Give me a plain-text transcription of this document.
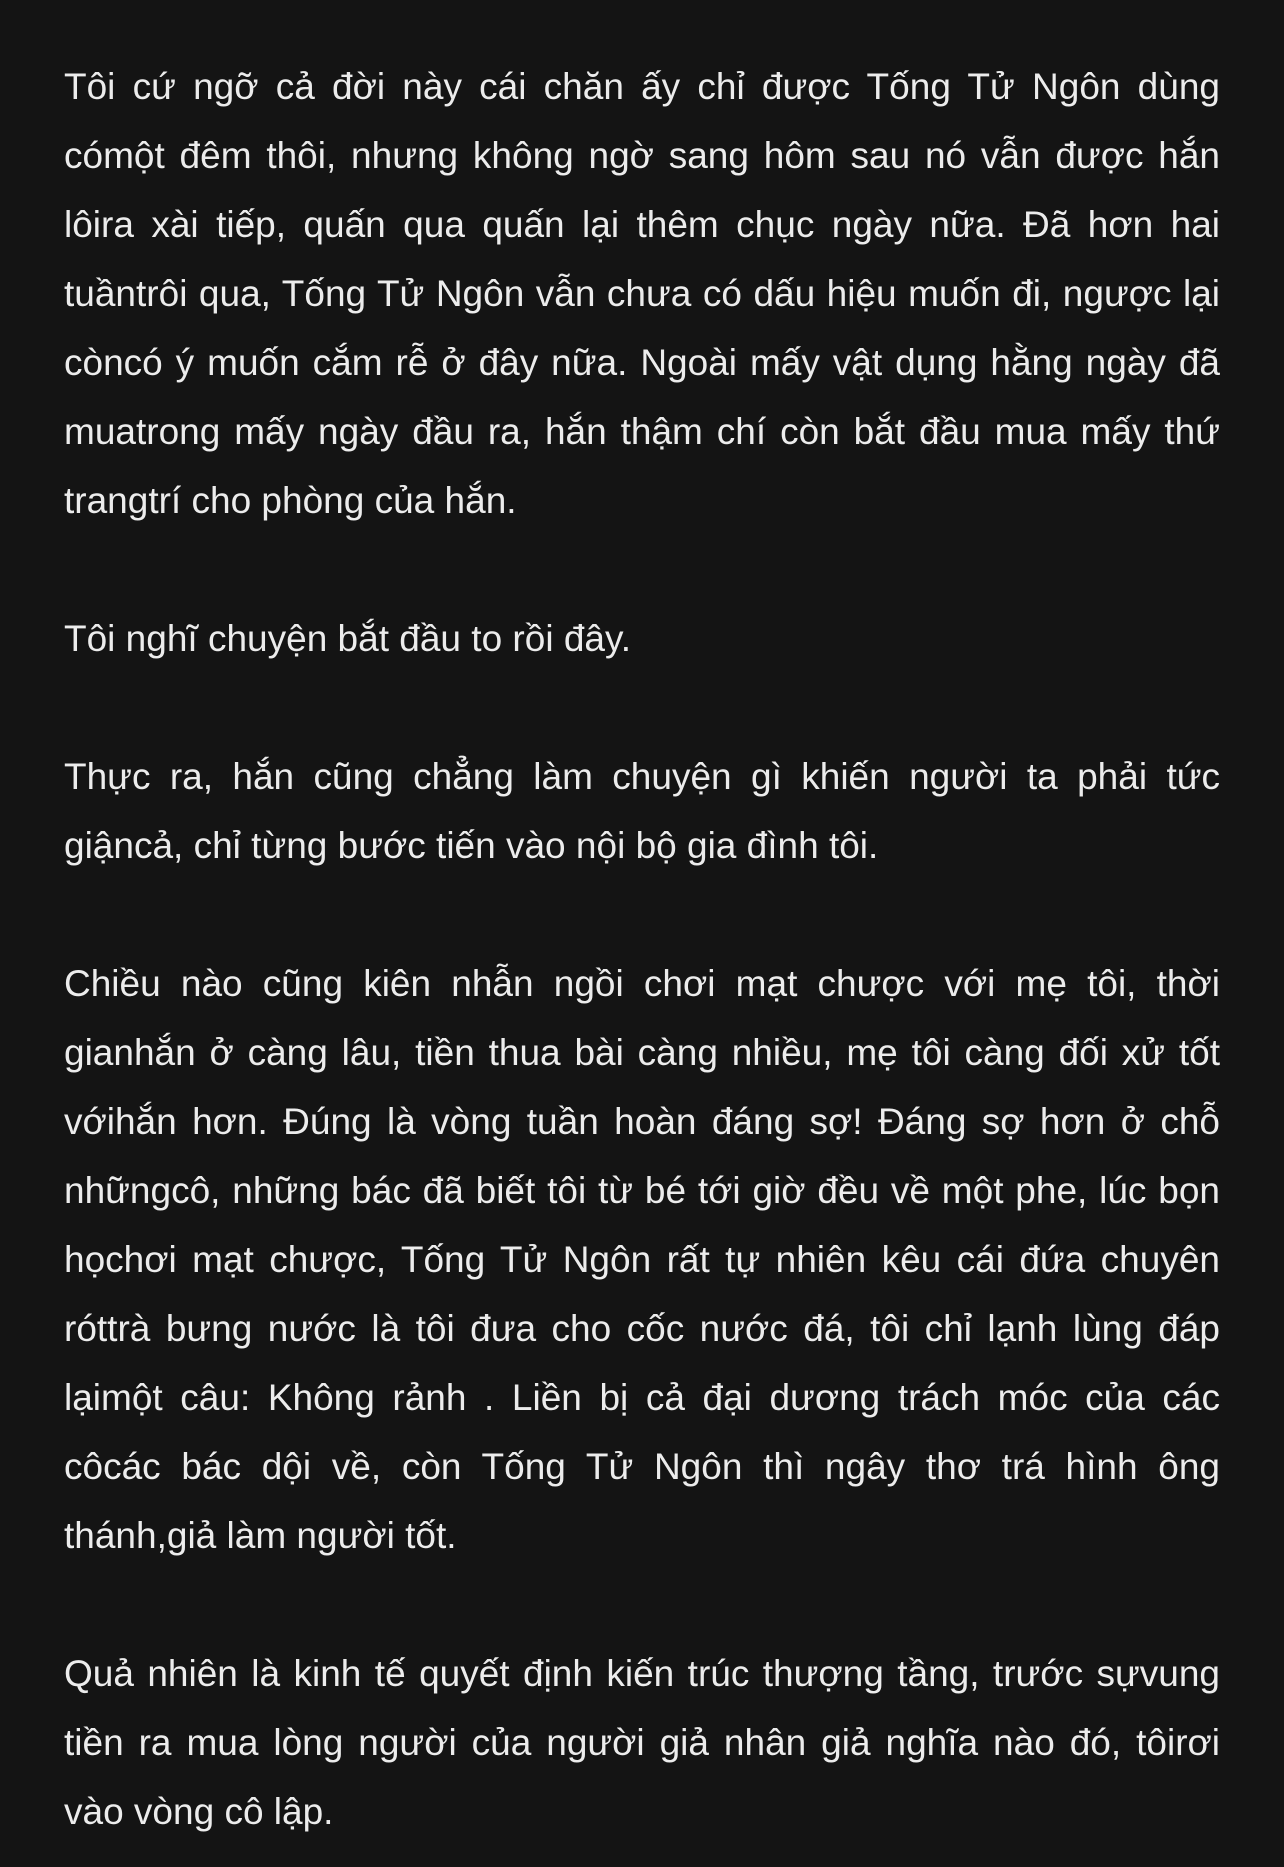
Tôi cứ ngỡ cả đời này cái chăn ấy chỉ được Tống Tử Ngôn dùng cómột đêm thôi, nhưng không ngờ sang hôm sau nó vẫn được hắn lôira xài tiếp, quấn qua quấn lại thêm chục ngày nữa. Đã hơn hai tuầntrôi qua, Tống Tử Ngôn vẫn chưa có dấu hiệu muốn đi, ngược lại còncó ý muốn cắm rễ ở đây nữa. Ngoài mấy vật dụng hằng ngày đã muatrong mấy ngày đầu ra, hắn thậm chí còn bắt đầu mua mấy thứ trangtrí cho phòng của hắn.

Tôi nghĩ chuyện bắt đầu to rồi đây.

Thực ra, hắn cũng chẳng làm chuyện gì khiến người ta phải tức giậncả, chỉ từng bước tiến vào nội bộ gia đình tôi.

Chiều nào cũng kiên nhẫn ngồi chơi mạt chược với mẹ tôi, thời gianhắn ở càng lâu, tiền thua bài càng nhiều, mẹ tôi càng đối xử tốt vớihắn hơn. Đúng là vòng tuần hoàn đáng sợ! Đáng sợ hơn ở chỗ nhữngcô, những bác đã biết tôi từ bé tới giờ đều về một phe, lúc bọn họchơi mạt chược, Tống Tử Ngôn rất tự nhiên kêu cái đứa chuyên róttrà bưng nước là tôi đưa cho cốc nước đá, tôi chỉ lạnh lùng đáp lạimột câu: Không rảnh . Liền bị cả đại dương trách móc của các côcác bác dội về, còn Tống Tử Ngôn thì ngây thơ trá hình ông thánh,giả làm người tốt.

Quả nhiên là kinh tế quyết định kiến trúc thượng tầng, trước sựvung tiền ra mua lòng người của người giả nhân giả nghĩa nào đó, tôirơi vào vòng cô lập.
